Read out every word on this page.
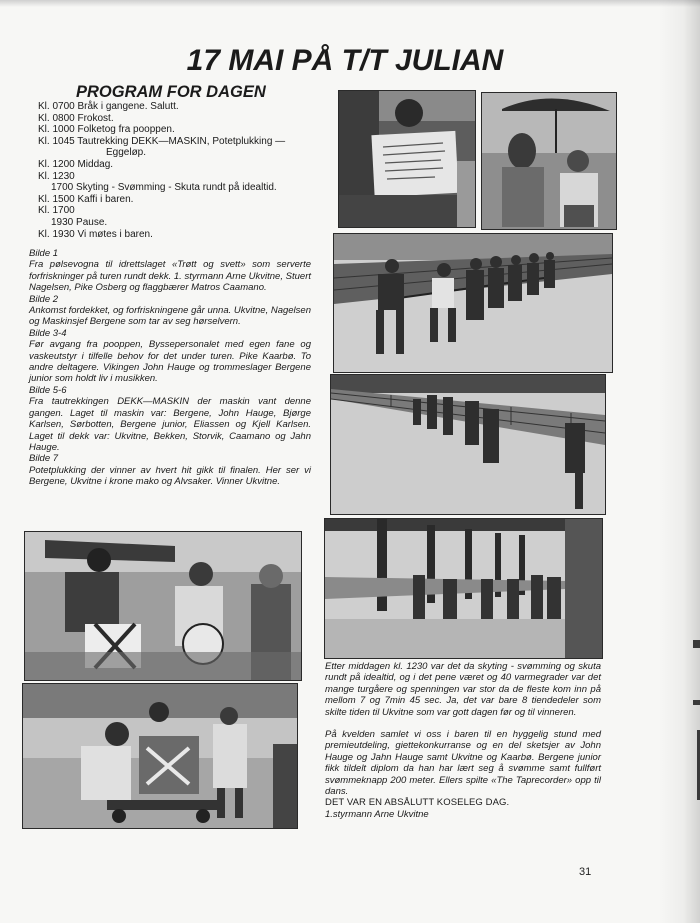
17 MAI PÅ T/T JULIAN
PROGRAM FOR DAGEN
Kl. 0700 Bråk i gangene. Salutt.
Kl. 0800 Frokost.
Kl. 1000 Folketog fra pooppen.
Kl. 1045 Tautrekking DEKK—MASKIN, Potetplukking —
Eggeløp.
Kl. 1200 Middag.
Kl. 1230
1700 Skyting - Svømming - Skuta rundt på idealtid.
Kl. 1500 Kaffi i baren.
Kl. 1700
1930 Pause.
Kl. 1930 Vi møtes i baren.

Bilde 1

Fra pølsevogna til idrettslaget «Trøtt og svett» som serverte forfriskninger på turen rundt dekk. 1. styrmann Arne Ukvitne, Stuert Nagelsen, Pike Osberg og flaggbærer Matros Caamano.

Bilde 2

Ankomst fordekket, og forfriskningene går unna. Ukvitne, Nagelsen og Maskinsjef Bergene som tar av seg hørselvern.

Bilde 3-4

Før avgang fra pooppen, Byssepersonalet med egen fane og vaskeutstyr i tilfelle behov for det under turen. Pike Kaarbø. To andre deltagere. Vikingen John Hauge og trommeslager Bergene junior som holdt liv i musikken.

Bilde 5-6

Fra tautrekkingen DEKK—MASKIN der maskin vant denne gangen. Laget til maskin var: Bergene, John Hauge, Bjørge Karlsen, Sørbotten, Bergene junior, Eliassen og Kjell Karlsen. Laget til dekk var: Ukvitne, Bekken, Storvik, Caamano og Jahn Hauge.

Bilde 7

Potetplukking der vinner av hvert hit gikk til finalen. Her ser vi Bergene, Ukvitne i krone mako og Alvsaker. Vinner Ukvitne.

Etter middagen kl. 1230 var det da skyting - svømming og skuta rundt på idealtid, og i det pene været og 40 varmegrader var det mange turgåere og spenningen var stor da de fleste kom inn på mellom 7 og 7min 45 sec. Ja, det var bare 8 tiendedeler som skilte tiden til Ukvitne som var gott dagen før og til vinneren.

På kvelden samlet vi oss i baren til en hyggelig stund med premieutdeling, giettekonkurranse og en del sketsjer av John Hauge og Jahn Hauge samt Ukvitne og Kaarbø. Bergene junior fikk tildelt diplom da han har lært seg å svømme samt fullført svømmeknapp 200 meter. Ellers spilte «The Taprecorder» opp til dans.

DET VAR EN ABSÅLUTT KOSELEG DAG.

1.styrmann Arne Ukvitne

31
